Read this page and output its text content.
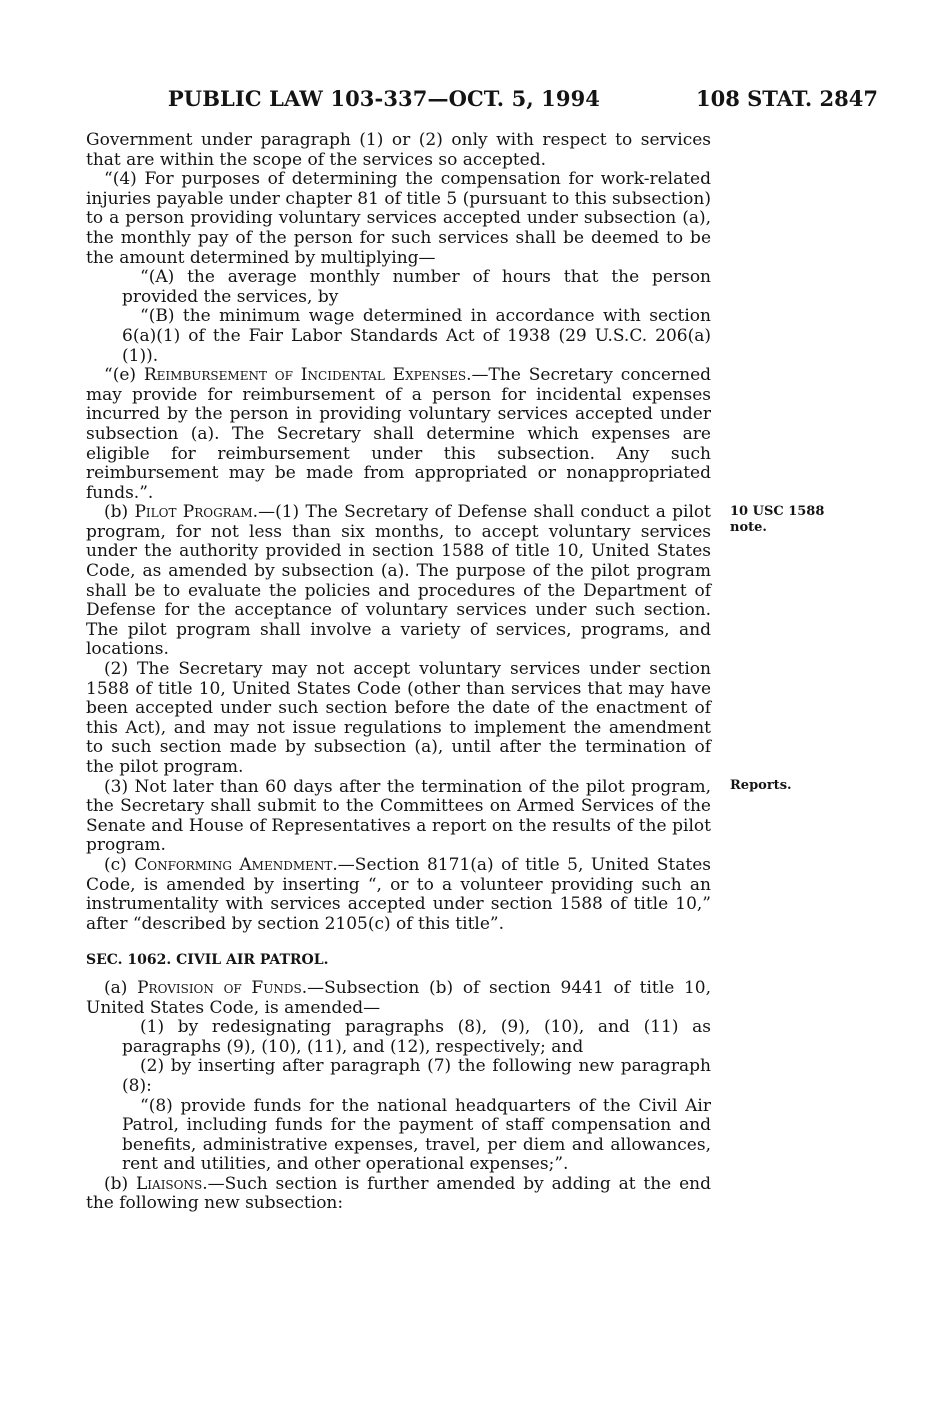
PUBLIC LAW 103-337—OCT. 5, 1994	108 STAT. 2847

Government under paragraph (1) or (2) only with respect to services that are within the scope of the services so accepted.

“(4) For purposes of determining the compensation for work-related injuries payable under chapter 81 of title 5 (pursuant to this subsection) to a person providing voluntary services accepted under subsection (a), the monthly pay of the person for such services shall be deemed to be the amount determined by multiplying—

“(A) the average monthly number of hours that the person provided the services, by

“(B) the minimum wage determined in accordance with section 6(a)(1) of the Fair Labor Standards Act of 1938 (29 U.S.C. 206(a)(1)).

“(e) Reimbursement of Incidental Expenses.—The Secretary concerned may provide for reimbursement of a person for incidental expenses incurred by the person in providing voluntary services accepted under subsection (a). The Secretary shall determine which expenses are eligible for reimbursement under this subsection. Any such reimbursement may be made from appropriated or nonappropriated funds.”.

(b) Pilot Program.—(1) The Secretary of Defense shall conduct a pilot program, for not less than six months, to accept voluntary services under the authority provided in section 1588 of title 10, United States Code, as amended by subsection (a). The purpose of the pilot program shall be to evaluate the policies and procedures of the Department of Defense for the acceptance of voluntary services under such section. The pilot program shall involve a variety of services, programs, and locations.

(2) The Secretary may not accept voluntary services under section 1588 of title 10, United States Code (other than services that may have been accepted under such section before the date of the enactment of this Act), and may not issue regulations to implement the amendment to such section made by subsection (a), until after the termination of the pilot program.

(3) Not later than 60 days after the termination of the pilot program, the Secretary shall submit to the Committees on Armed Services of the Senate and House of Representatives a report on the results of the pilot program.

(c) Conforming Amendment.—Section 8171(a) of title 5, United States Code, is amended by inserting “, or to a volunteer providing such an instrumentality with services accepted under section 1588 of title 10,” after “described by section 2105(c) of this title”.

SEC. 1062. CIVIL AIR PATROL.

(a) Provision of Funds.—Subsection (b) of section 9441 of title 10, United States Code, is amended—

(1) by redesignating paragraphs (8), (9), (10), and (11) as paragraphs (9), (10), (11), and (12), respectively; and

(2) by inserting after paragraph (7) the following new paragraph (8):

“(8) provide funds for the national headquarters of the Civil Air Patrol, including funds for the payment of staff compensation and benefits, administrative expenses, travel, per diem and allowances, rent and utilities, and other operational expenses;”.

(b) Liaisons.—Such section is further amended by adding at the end the following new subsection:

10 USC 1588
note.
Reports.
